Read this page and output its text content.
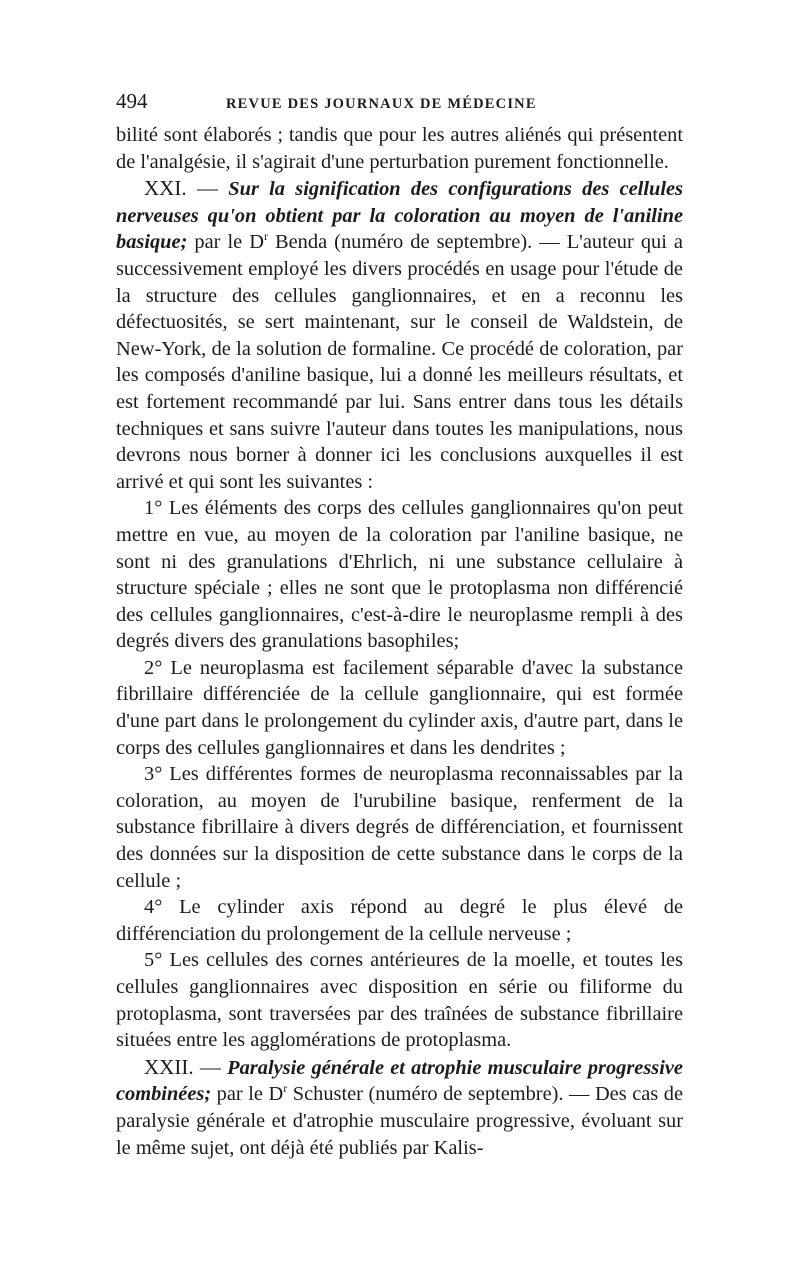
494	REVUE DES JOURNAUX DE MÉDECINE

bilité sont élaborés ; tandis que pour les autres aliénés qui présentent de l'analgésie, il s'agirait d'une perturbation purement fonctionnelle.

XXI. — Sur la signification des configurations des cellules nerveuses qu'on obtient par la coloration au moyen de l'aniline basique; par le $D^r$ Benda (numéro de septembre). — L'auteur qui a successivement employé les divers procédés en usage pour l'étude de la structure des cellules ganglionnaires, et en a reconnu les défectuosités, se sert maintenant, sur le conseil de Waldstein, de New-York, de la solution de formaline. Ce procédé de coloration, par les composés d'aniline basique, lui a donné les meilleurs résultats, et est fortement recommandé par lui. Sans entrer dans tous les détails techniques et sans suivre l'auteur dans toutes les manipulations, nous devrons nous borner à donner ici les conclusions auxquelles il est arrivé et qui sont les suivantes :

1° Les éléments des corps des cellules ganglionnaires qu'on peut mettre en vue, au moyen de la coloration par l'aniline basique, ne sont ni des granulations d'Ehrlich, ni une substance cellulaire à structure spéciale ; elles ne sont que le protoplasma non différencié des cellules ganglionnaires, c'est-à-dire le neuroplasme rempli à des degrés divers des granulations basophiles;

2° Le neuroplasma est facilement séparable d'avec la substance fibrillaire différenciée de la cellule ganglionnaire, qui est formée d'une part dans le prolongement du cylinder axis, d'autre part, dans le corps des cellules ganglionnaires et dans les dendrites ;

3° Les différentes formes de neuroplasma reconnaissables par la coloration, au moyen de l'urubiline basique, renferment de la substance fibrillaire à divers degrés de différenciation, et fournissent des données sur la disposition de cette substance dans le corps de la cellule ;

4° Le cylinder axis répond au degré le plus élevé de différenciation du prolongement de la cellule nerveuse ;

5° Les cellules des cornes antérieures de la moelle, et toutes les cellules ganglionnaires avec disposition en série ou filiforme du protoplasma, sont traversées par des traînées de substance fibrillaire situées entre les agglomérations de protoplasma.

XXII. — Paralysie générale et atrophie musculaire progressive combinées; par le $D^r$ Schuster (numéro de septembre). — Des cas de paralysie générale et d'atrophie musculaire progressive, évoluant sur le même sujet, ont déjà été publiés par Kalis-
